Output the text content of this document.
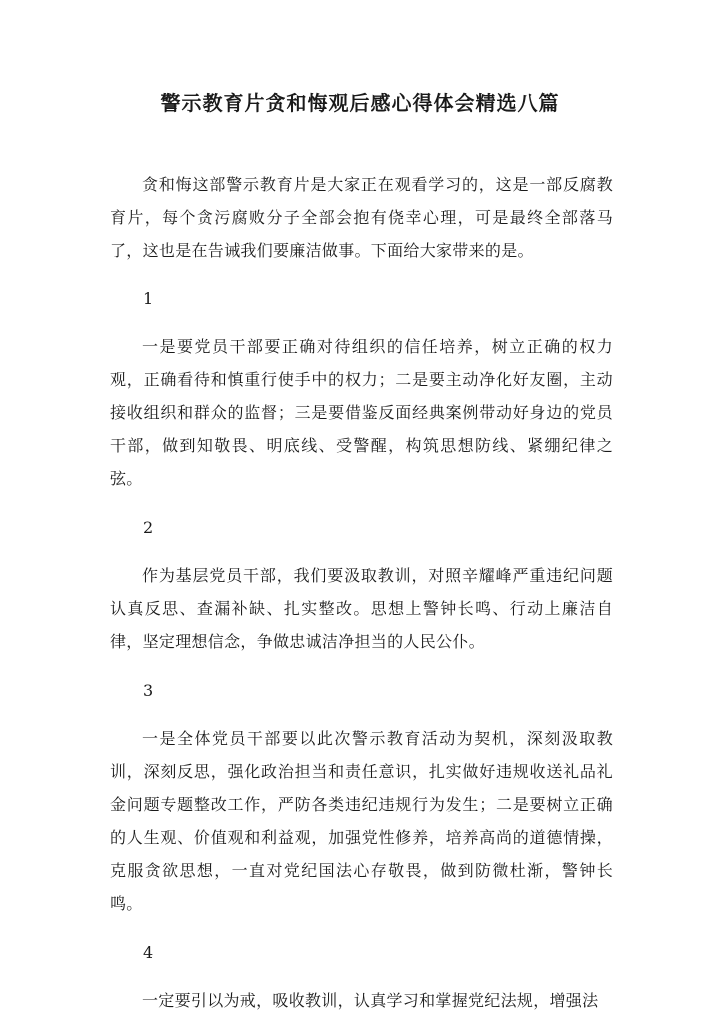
警示教育片贪和悔观后感心得体会精选八篇

贪和悔这部警示教育片是大家正在观看学习的，这是一部反腐教育片，每个贪污腐败分子全部会抱有侥幸心理，可是最终全部落马了，这也是在告诫我们要廉洁做事。下面给大家带来的是。

1

一是要党员干部要正确对待组织的信任培养，树立正确的权力观，正确看待和慎重行使手中的权力；二是要主动净化好友圈，主动接收组织和群众的监督；三是要借鉴反面经典案例带动好身边的党员干部，做到知敬畏、明底线、受警醒，构筑思想防线、紧绷纪律之弦。

2

作为基层党员干部，我们要汲取教训，对照辛耀峰严重违纪问题认真反思、查漏补缺、扎实整改。思想上警钟长鸣、行动上廉洁自律，坚定理想信念，争做忠诚洁净担当的人民公仆。

3

一是全体党员干部要以此次警示教育活动为契机，深刻汲取教训，深刻反思，强化政治担当和责任意识，扎实做好违规收送礼品礼金问题专题整改工作，严防各类违纪违规行为发生；二是要树立正确的人生观、价值观和利益观，加强党性修养，培养高尚的道德情操，克服贪欲思想，一直对党纪国法心存敬畏，做到防微杜渐，警钟长鸣。

4

一定要引以为戒，吸收教训，认真学习和掌握党纪法规，增强法
